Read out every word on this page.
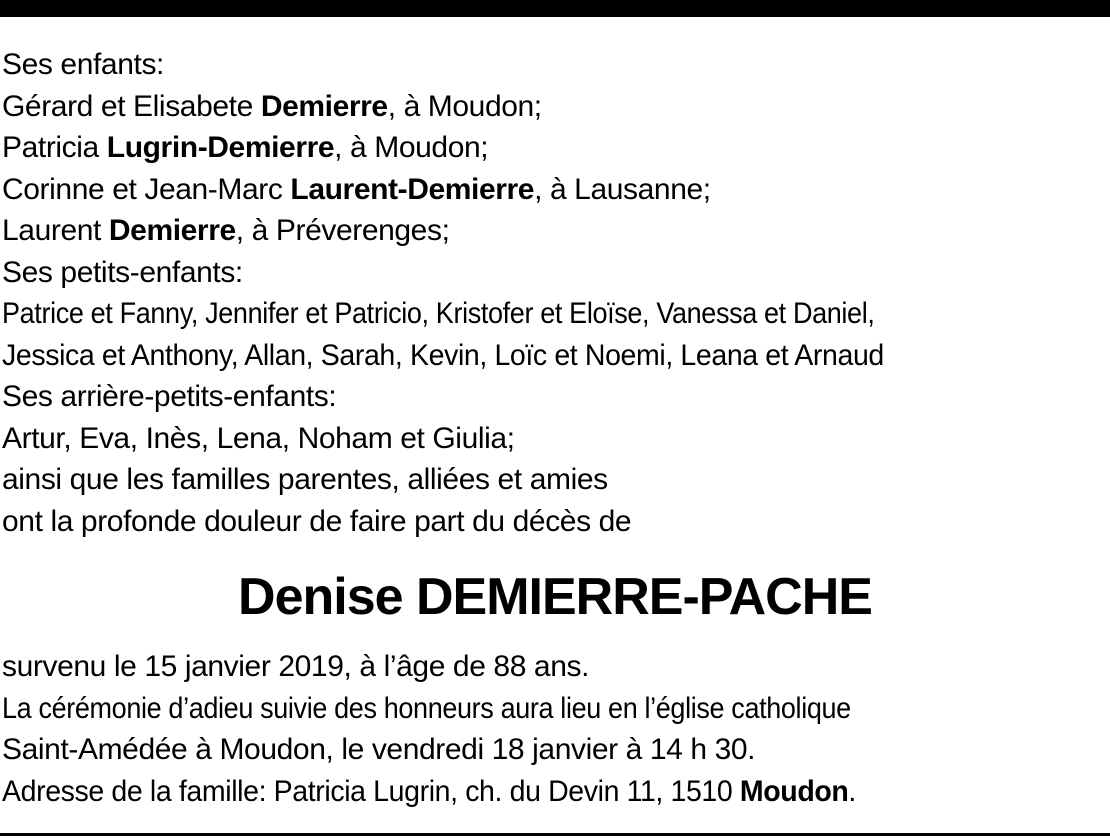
Ses enfants:
Gérard et Elisabete Demierre, à Moudon;
Patricia Lugrin-Demierre, à Moudon;
Corinne et Jean-Marc Laurent-Demierre, à Lausanne;
Laurent Demierre, à Préverenges;
Ses petits-enfants:
Patrice et Fanny, Jennifer et Patricio, Kristofer et Eloïse, Vanessa et Daniel,
Jessica et Anthony, Allan, Sarah, Kevin, Loïc et Noemi, Leana et Arnaud
Ses arrière-petits-enfants:
Artur, Eva, Inès, Lena, Noham et Giulia;
ainsi que les familles parentes, alliées et amies
ont la profonde douleur de faire part du décès de
Denise DEMIERRE-PACHE
survenu le 15 janvier 2019, à l’âge de 88 ans.
La cérémonie d’adieu suivie des honneurs aura lieu en l’église catholique
Saint-Amédée à Moudon, le vendredi 18 janvier à 14 h 30.
Adresse de la famille: Patricia Lugrin, ch. du Devin 11, 1510 Moudon.
